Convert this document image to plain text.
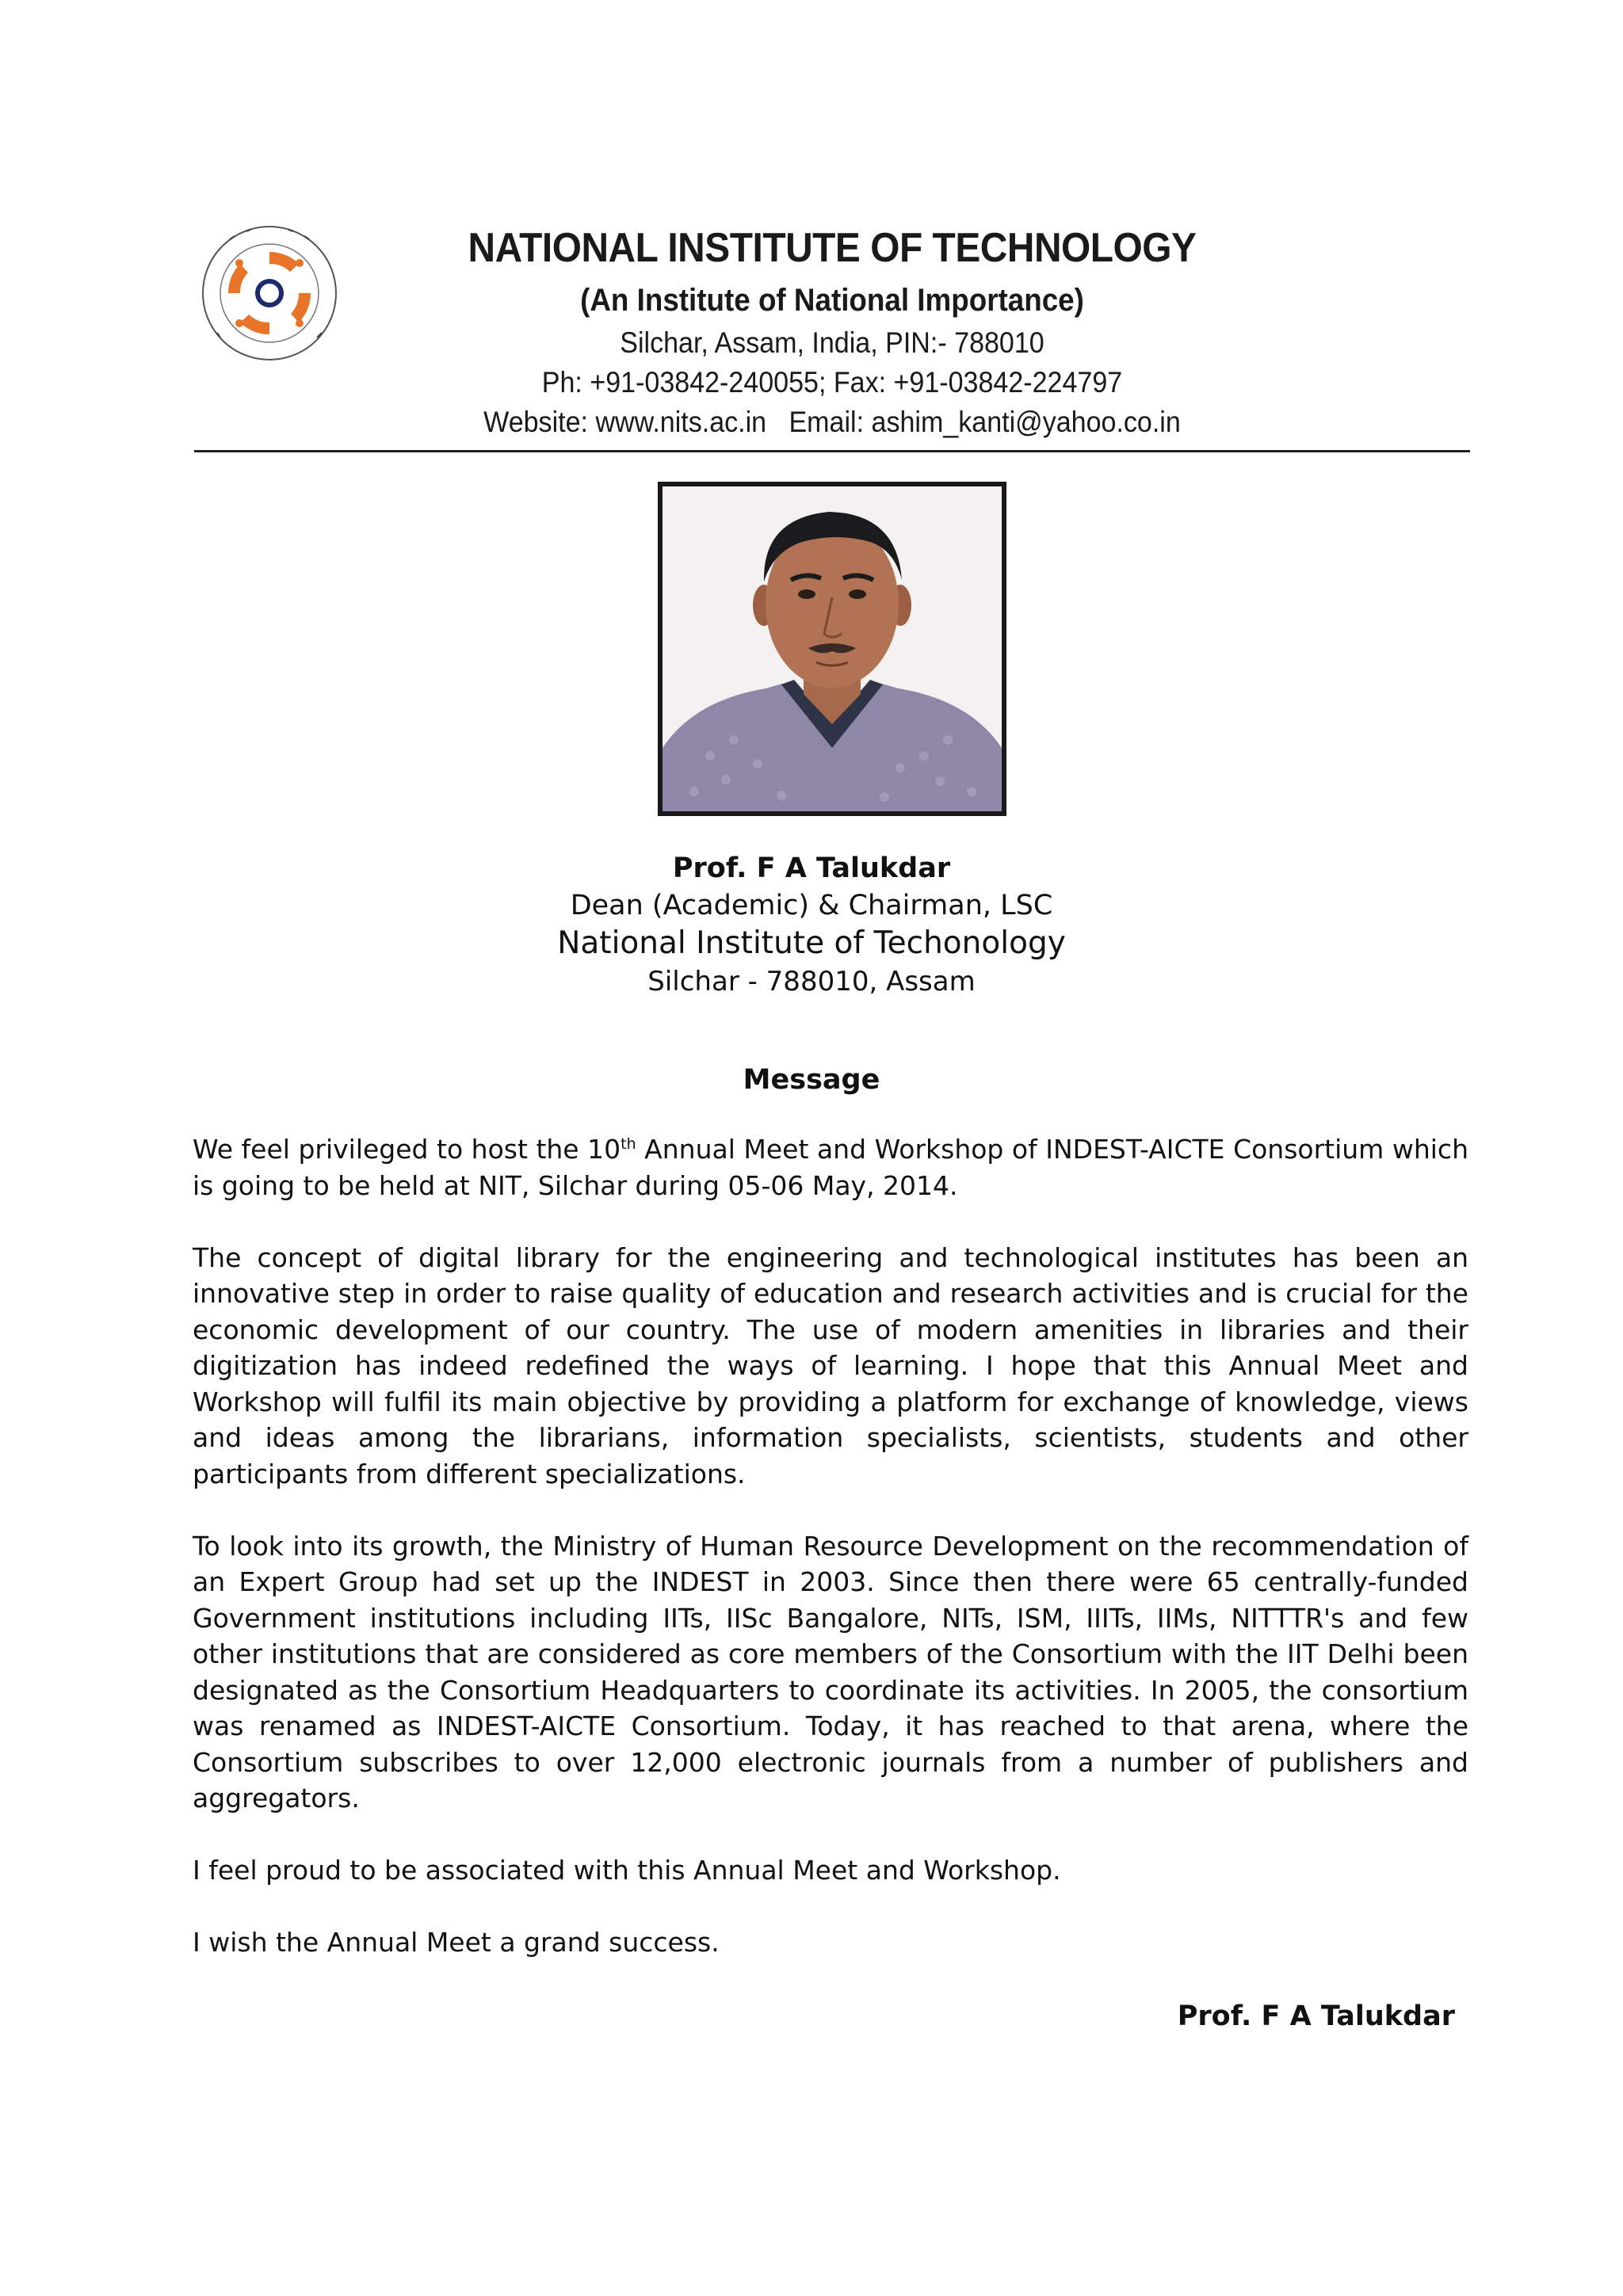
NATIONAL INSTITUTE OF TECHNOLOGY
(An Institute of National Importance)
Silchar, Assam, India, PIN:- 788010
Ph: +91-03842-240055; Fax: +91-03842-224797
Website: www.nits.ac.in   Email: ashim_kanti@yahoo.co.in
Prof. F A Talukdar
Dean (Academic) & Chairman, LSC
National Institute of Techonology
Silchar - 788010, Assam
Message

We feel privileged to host the 10th Annual Meet and Workshop of INDEST-AICTE Consortium which is going to be held at NIT, Silchar during 05-06 May, 2014.

The concept of digital library for the engineering and technological institutes has been an innovative step in order to raise quality of education and research activities and is crucial for the economic development of our country. The use of modern amenities in libraries and their digitization has indeed redefined the ways of learning. I hope that this Annual Meet and Workshop will fulfil its main objective by providing a platform for exchange of knowledge, views and ideas among the librarians, information specialists, scientists, students and other participants from different specializations.

To look into its growth, the Ministry of Human Resource Development on the recommendation of an Expert Group had set up the INDEST in 2003. Since then there were 65 centrally-funded Government institutions including IITs, IISc Bangalore, NITs, ISM, IIITs, IIMs, NITTTR's and few other institutions that are considered as core members of the Consortium with the IIT Delhi been designated as the Consortium Headquarters to coordinate its activities. In 2005, the consortium was renamed as INDEST-AICTE Consortium. Today, it has reached to that arena, where the Consortium subscribes to over 12,000 electronic journals from a number of publishers and aggregators.

I feel proud to be associated with this Annual Meet and Workshop.

I wish the Annual Meet a grand success.

Prof. F A Talukdar
